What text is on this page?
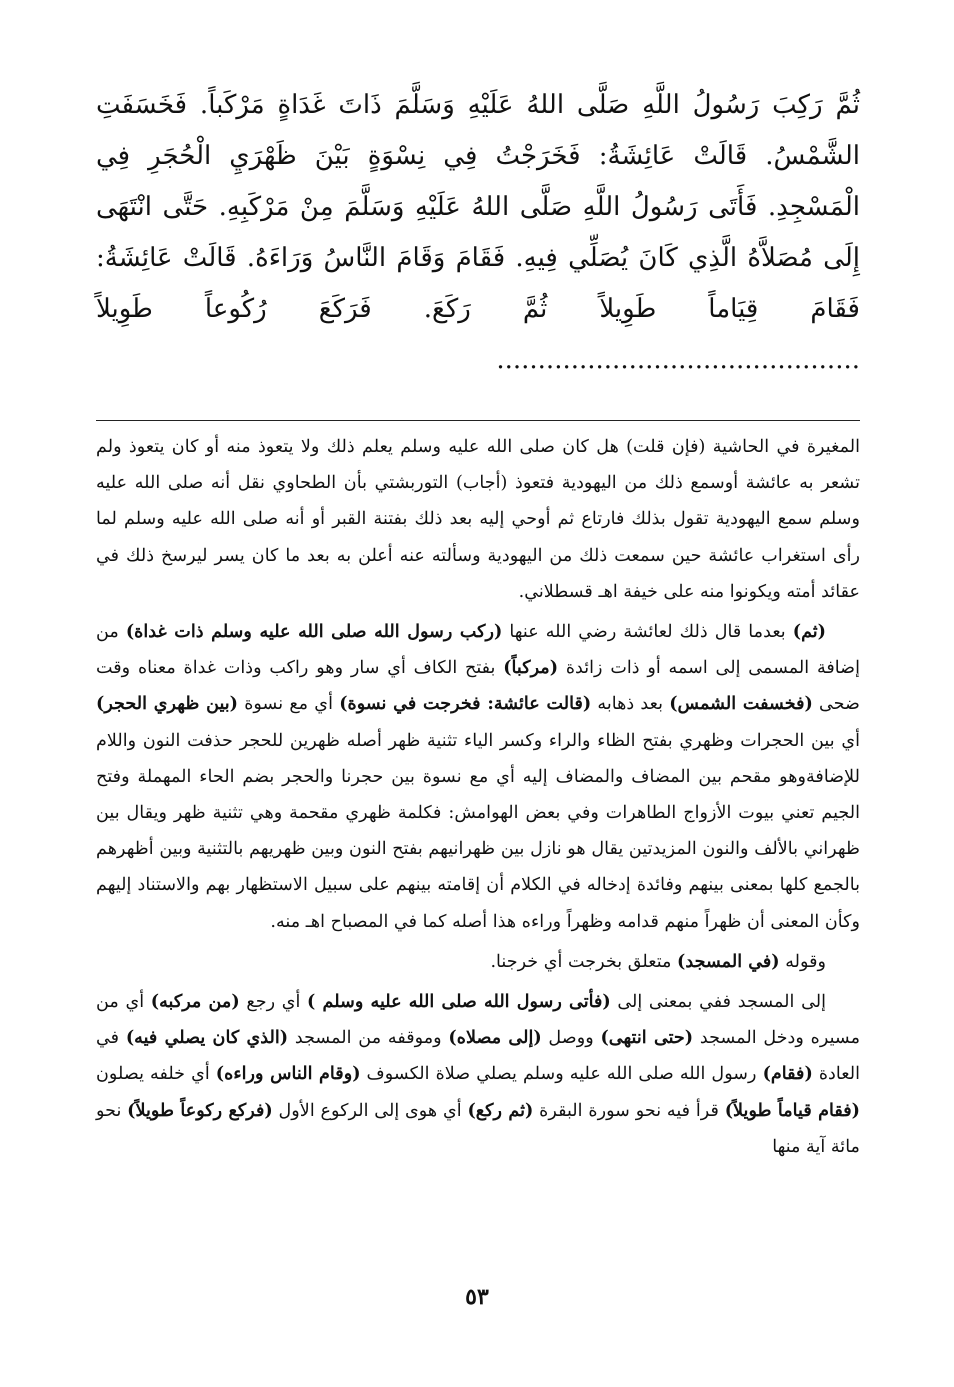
ثُمَّ رَكِبَ رَسُولُ اللَّهِ صَلَّى اللهُ عَلَيْهِ وَسَلَّمَ ذَاتَ غَدَاةٍ مَرْكَباً. فَخَسَفَتِ الشَّمْسُ. قَالَتْ عَائِشَةُ: فَخَرَجْتُ فِي نِسْوَةٍ بَيْنَ ظَهْرَيِ الْحُجَرِ فِي الْمَسْجِدِ. فَأَتَى رَسُولُ اللَّهِ صَلَّى اللهُ عَلَيْهِ وَسَلَّمَ مِنْ مَرْكَبِهِ. حَتَّى انْتَهَى إِلَى مُصَلاَّهُ الَّذِي كَانَ يُصَلِّي فِيهِ. فَقَامَ وَقَامَ النَّاسُ وَرَاءَهُ. قَالَتْ عَائِشَةُ: فَقَامَ قِيَاماً طَوِيلاً ثُمَّ رَكَعَ. فَرَكَعَ رُكُوعاً طَوِيلاً ............................................

المغيرة في الحاشية (فإن قلت) هل كان صلى الله عليه وسلم يعلم ذلك ولا يتعوذ منه أو كان يتعوذ ولم تشعر به عائشة أوسمع ذلك من اليهودية فتعوذ (أجاب) التوربشتي بأن الطحاوي نقل أنه صلى الله عليه وسلم سمع اليهودية تقول بذلك فارتاع ثم أوحي إليه بعد ذلك بفتنة القبر أو أنه صلى الله عليه وسلم لما رأى استغراب عائشة حين سمعت ذلك من اليهودية وسألته عنه أعلن به بعد ما كان يسر ليرسخ ذلك في عقائد أمته ويكونوا منه على خيفة اهـ قسطلاني.

(ثم) بعدما قال ذلك لعائشة رضي الله عنها (ركب رسول الله صلى الله عليه وسلم ذات غداة) من إضافة المسمى إلى اسمه أو ذات زائدة (مركباً) بفتح الكاف أي سار وهو راكب وذات غداة معناه وقت ضحى (فخسفت الشمس) بعد ذهابه (قالت عائشة: فخرجت في نسوة) أي مع نسوة (بين ظهري الحجر) أي بين الحجرات وظهري بفتح الظاء والراء وكسر الياء تثنية ظهر أصله ظهرين للحجر حذفت النون واللام للإضافةوهو مقحم بين المضاف والمضاف إليه أي مع نسوة بين حجرنا والحجر بضم الحاء المهملة وفتح الجيم تعني بيوت الأزواج الطاهرات وفي بعض الهوامش: فكلمة ظهري مقحمة وهي تثنية ظهر ويقال بين ظهراني بالألف والنون المزيدتين يقال هو نازل بين ظهرانيهم بفتح النون وبين ظهريهم بالتثنية وبين أظهرهم بالجمع كلها بمعنى بينهم وفائدة إدخاله في الكلام أن إقامته بينهم على سبيل الاستظهار بهم والاستناد إليهم وكأن المعنى أن ظهراً منهم قدامه وظهراً وراءه هذا أصله كما في المصباح اهـ منه.

وقوله (في المسجد) متعلق بخرجت أي خرجنا.

إلى المسجد ففي بمعنى إلى (فأتى رسول الله صلى الله عليه وسلم ) أي رجع (من مركبه) أي من مسيره ودخل المسجد (حتى انتهى) ووصل (إلى مصلاه) وموقفه من المسجد (الذي كان يصلي فيه) في العادة (فقام) رسول الله صلى الله عليه وسلم يصلي صلاة الكسوف (وقام الناس وراءه) أي خلفه يصلون (فقام قياماً طويلاً) قرأ فيه نحو سورة البقرة (ثم ركع) أي هوى إلى الركوع الأول (فركع ركوعاً طويلاً) نحو مائة آية منها

٥٣
